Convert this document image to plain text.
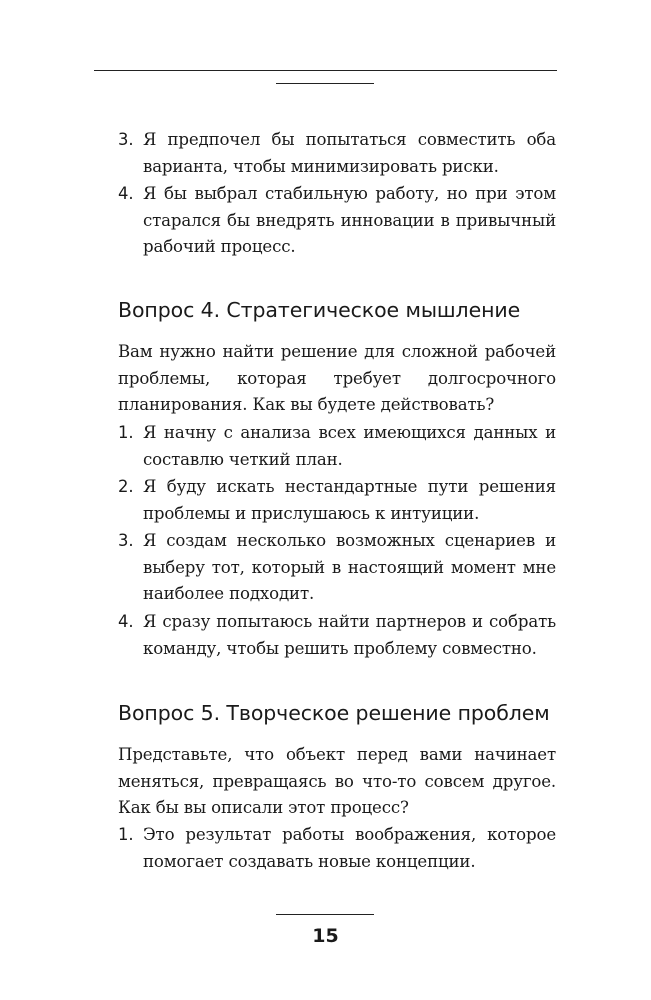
3. Я предпочел бы попытаться совместить оба варианта, чтобы минимизировать риски.
4. Я бы выбрал стабильную работу, но при этом старался бы внедрять инновации в привычный рабочий процесс.
Вопрос 4. Стратегическое мышление
Вам нужно найти решение для сложной рабочей проблемы, которая требует долгосрочного планирования. Как вы будете действовать?
1. Я начну с анализа всех имеющихся данных и составлю четкий план.
2. Я буду искать нестандартные пути решения проблемы и прислушаюсь к интуиции.
3. Я создам несколько возможных сценариев и выберу тот, который в настоящий момент мне наиболее подходит.
4. Я сразу попытаюсь найти партнеров и собрать команду, чтобы решить проблему совместно.
Вопрос 5. Творческое решение проблем
Представьте, что объект перед вами начинает меняться, превращаясь во что-то совсем другое. Как бы вы описали этот процесс?
1. Это результат работы воображения, которое помогает создавать новые концепции.
15
